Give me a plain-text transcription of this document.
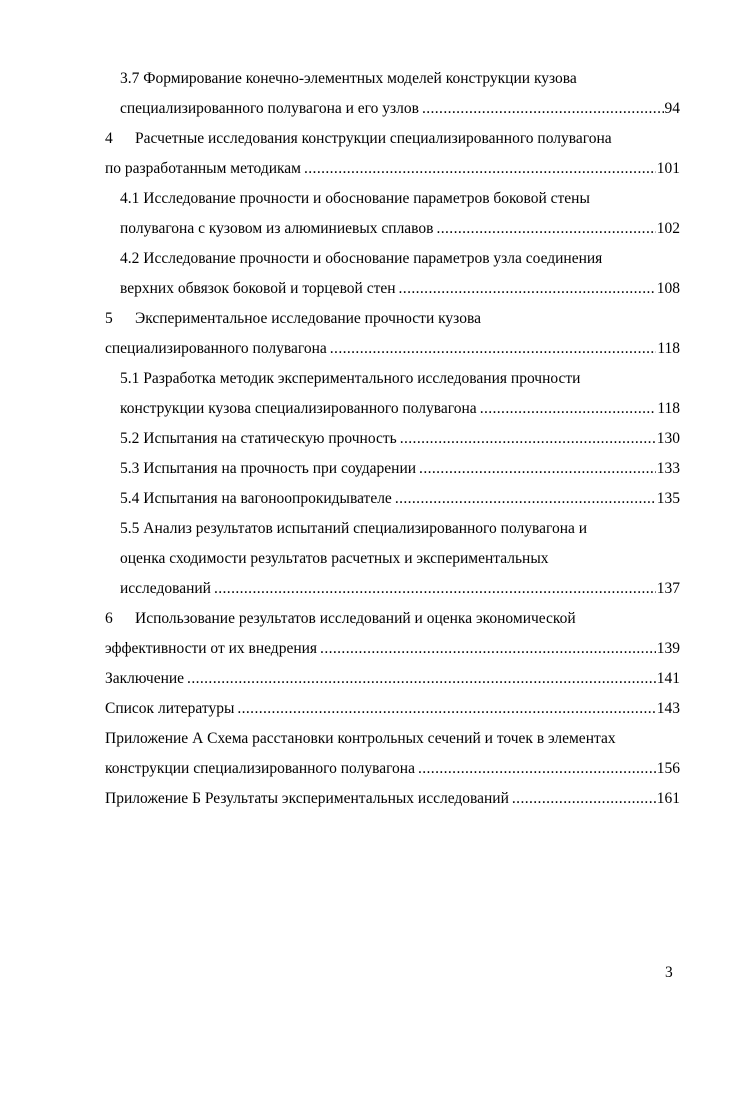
3.7 Формирование конечно-элементных моделей конструкции кузова
специализированного полувагона и его узлов .....	94
4 Расчетные исследования конструкции специализированного полувагона
по разработанным методикам .....	101
4.1 Исследование прочности и обоснование параметров боковой стены
полувагона с кузовом из алюминиевых сплавов .....	102
4.2 Исследование прочности и обоснование параметров узла соединения
верхних обвязок боковой и торцевой стен .....	108
5 Экспериментальное исследование прочности кузова
специализированного полувагона .....	118
5.1 Разработка методик экспериментального исследования прочности
конструкции кузова специализированного полувагона .....	118
5.2 Испытания на статическую прочность .....	130
5.3 Испытания на прочность при соударении .....	133
5.4 Испытания на вагоноопрокидывателе .....	135
5.5 Анализ результатов испытаний специализированного полувагона и
оценка сходимости результатов расчетных и экспериментальных
исследований .....	137
6 Использование результатов исследований и оценка экономической
эффективности от их внедрения .....	139
Заключение .....	141
Список литературы .....	143
Приложение А Схема расстановки контрольных сечений и точек в элементах
конструкции специализированного полувагона .....	156
Приложение Б Результаты экспериментальных исследований .....	161
3
